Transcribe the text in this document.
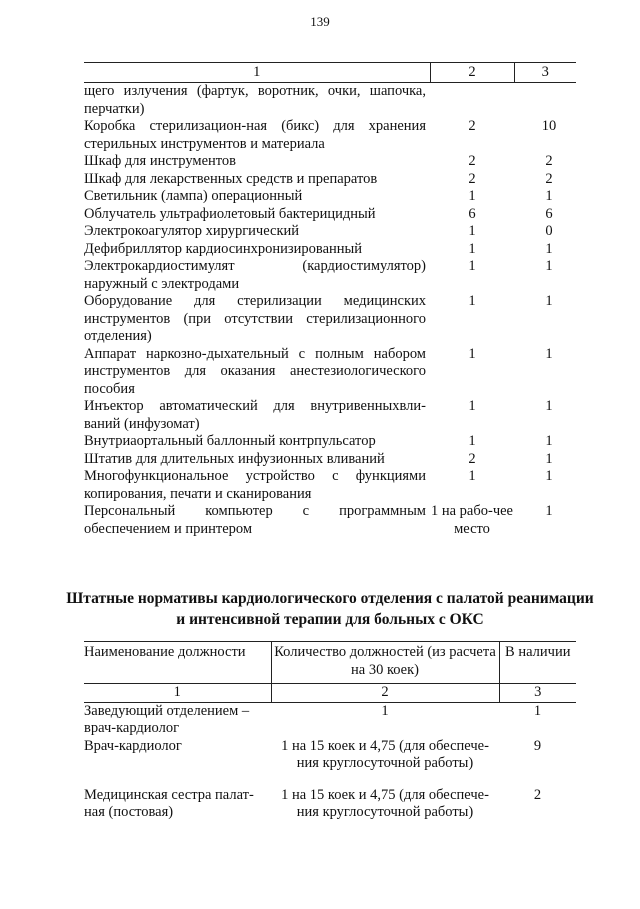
139
1	2	3
щего излучения (фартук, воротник, очки, шапочка, перчатки)		
Коробка стерилизацион-ная (бикс) для хранения стерильных инструментов и материала	2	10
Шкаф для инструментов	2	2
Шкаф для лекарственных средств и препаратов	2	2
Светильник (лампа) операционный	1	1
Облучатель ультрафиолетовый бактерицидный	6	6
Электрокоагулятор хирургический	1	0
Дефибриллятор кардиосинхронизированный	1	1
Электрокардиостимулят (кардиостимулятор) наружный с электродами	1	1
Оборудование для стерилизации медицинских инструментов (при отсутствии стерилизационного отделения)	1	1
Аппарат наркозно-дыхательный с полным набором инструментов для оказания анестезиологического пособия	1	1
Инъектор автоматический для внутривенныхвли-ваний (инфузомат)	1	1
Внутриаортальный баллонный контрпульсатор	1	1
Штатив для длительных инфузионных вливаний	2	1
Многофункциональное устройство с функциями копирования, печати и сканирования	1	1
Персональный компьютер с программным обеспечением и принтером	1 на рабо-чее место	1
Штатные нормативы кардиологического отделения с палатой реанимации и интенсивной терапии для больных с ОКС
Наименование должности	Количество должностей (из расчета на 30 коек)	В наличии
1	2	3
Заведующий отделением – врач-кардиолог	1	1
Врач-кардиолог	1 на 15 коек и 4,75 (для обеспече-ния круглосуточной работы)	9

Медицинская сестра палат-ная (постовая)	1 на 15 коек и 4,75 (для обеспече-ния круглосуточной работы)	2
